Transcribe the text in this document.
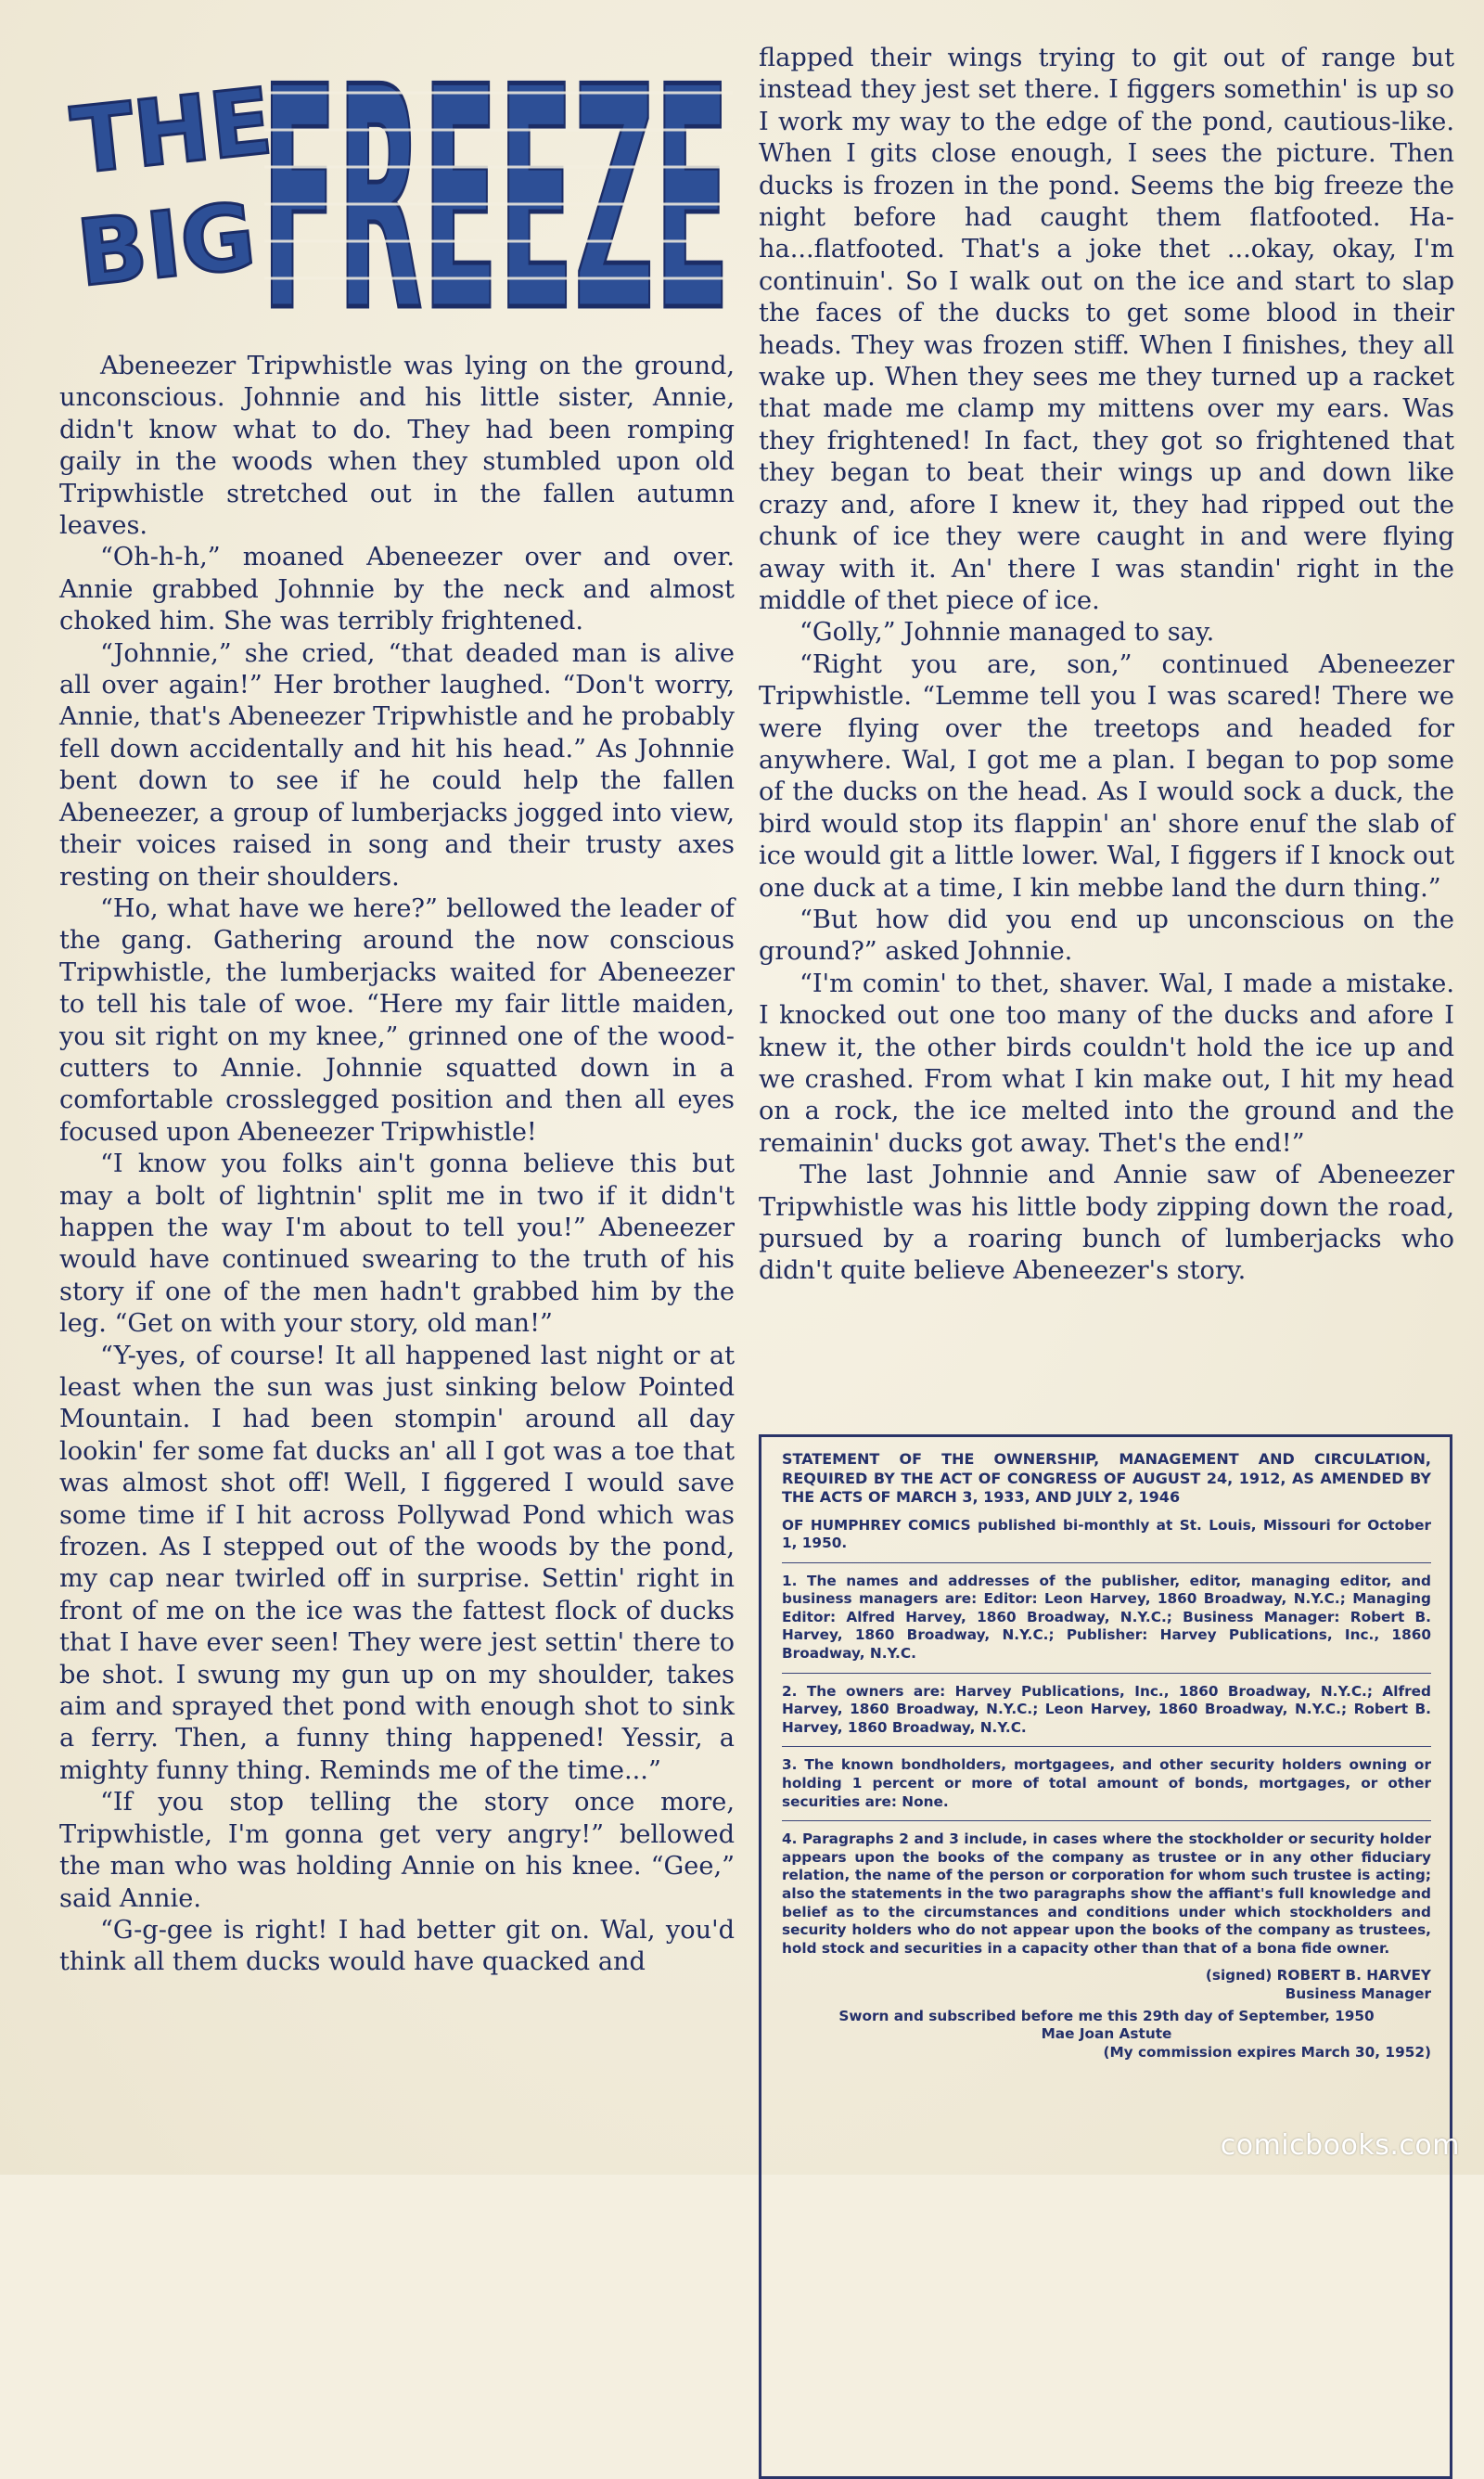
THE
BIG FREEZE

Abeneezer Tripwhistle was lying on the ground, unconscious. Johnnie and his little sister, Annie, didn't know what to do. They had been romping gaily in the woods when they stumbled upon old Tripwhistle stretched out in the fallen autumn leaves.

“Oh-h-h,” moaned Abeneezer over and over. Annie grabbed Johnnie by the neck and almost choked him. She was terribly frightened.

“Johnnie,” she cried, “that deaded man is alive all over again!” Her brother laughed. “Don't worry, Annie, that's Abeneezer Tripwhistle and he probably fell down accidentally and hit his head.” As Johnnie bent down to see if he could help the fallen Abeneezer, a group of lumberjacks jogged into view, their voices raised in song and their trusty axes resting on their shoulders.

“Ho, what have we here?” bellowed the leader of the gang. Gathering around the now conscious Tripwhistle, the lumberjacks waited for Abeneezer to tell his tale of woe. “Here my fair little maiden, you sit right on my knee,” grinned one of the wood-cutters to Annie. Johnnie squatted down in a comfortable crosslegged position and then all eyes focused upon Abeneezer Tripwhistle!

“I know you folks ain't gonna believe this but may a bolt of lightnin' split me in two if it didn't happen the way I'm about to tell you!” Abeneezer would have continued swearing to the truth of his story if one of the men hadn't grabbed him by the leg. “Get on with your story, old man!”

“Y-yes, of course! It all happened last night or at least when the sun was just sinking below Pointed Mountain. I had been stompin' around all day lookin' fer some fat ducks an' all I got was a toe that was almost shot off! Well, I figgered I would save some time if I hit across Pollywad Pond which was frozen. As I stepped out of the woods by the pond, my cap near twirled off in surprise. Settin' right in front of me on the ice was the fattest flock of ducks that I have ever seen! They were jest settin' there to be shot. I swung my gun up on my shoulder, takes aim and sprayed thet pond with enough shot to sink a ferry. Then, a funny thing happened! Yessir, a mighty funny thing. Reminds me of the time...”

“If you stop telling the story once more, Tripwhistle, I'm gonna get very angry!” bellowed the man who was holding Annie on his knee. “Gee,” said Annie.

“G-g-gee is right! I had better git on. Wal, you'd think all them ducks would have quacked and

flapped their wings trying to git out of range but instead they jest set there. I figgers somethin' is up so I work my way to the edge of the pond, cautious-like. When I gits close enough, I sees the picture. Then ducks is frozen in the pond. Seems the big freeze the night before had caught them flatfooted. Ha-ha...flatfooted. That's a joke thet ...okay, okay, I'm continuin'. So I walk out on the ice and start to slap the faces of the ducks to get some blood in their heads. They was frozen stiff. When I finishes, they all wake up. When they sees me they turned up a racket that made me clamp my mittens over my ears. Was they frightened! In fact, they got so frightened that they began to beat their wings up and down like crazy and, afore I knew it, they had ripped out the chunk of ice they were caught in and were flying away with it. An' there I was standin' right in the middle of thet piece of ice.

“Golly,” Johnnie managed to say.

“Right you are, son,” continued Abeneezer Tripwhistle. “Lemme tell you I was scared! There we were flying over the treetops and headed for anywhere. Wal, I got me a plan. I began to pop some of the ducks on the head. As I would sock a duck, the bird would stop its flappin' an' shore enuf the slab of ice would git a little lower. Wal, I figgers if I knock out one duck at a time, I kin mebbe land the durn thing.”

“But how did you end up unconscious on the ground?” asked Johnnie.

“I'm comin' to thet, shaver. Wal, I made a mistake. I knocked out one too many of the ducks and afore I knew it, the other birds couldn't hold the ice up and we crashed. From what I kin make out, I hit my head on a rock, the ice melted into the ground and the remainin' ducks got away. Thet's the end!”

The last Johnnie and Annie saw of Abeneezer Tripwhistle was his little body zipping down the road, pursued by a roaring bunch of lumberjacks who didn't quite believe Abeneezer's story.

STATEMENT OF THE OWNERSHIP, MANAGEMENT AND CIRCULATION, REQUIRED BY THE ACT OF CONGRESS OF AUGUST 24, 1912, AS AMENDED BY THE ACTS OF MARCH 3, 1933, AND JULY 2, 1946

OF HUMPHREY COMICS published bi-monthly at St. Louis, Missouri for October 1, 1950.

1. The names and addresses of the publisher, editor, managing editor, and business managers are: Editor: Leon Harvey, 1860 Broadway, N.Y.C.; Managing Editor: Alfred Harvey, 1860 Broadway, N.Y.C.; Business Manager: Robert B. Harvey, 1860 Broadway, N.Y.C.; Publisher: Harvey Publications, Inc., 1860 Broadway, N.Y.C.

2. The owners are: Harvey Publications, Inc., 1860 Broadway, N.Y.C.; Alfred Harvey, 1860 Broadway, N.Y.C.; Leon Harvey, 1860 Broadway, N.Y.C.; Robert B. Harvey, 1860 Broadway, N.Y.C.

3. The known bondholders, mortgagees, and other security holders owning or holding 1 percent or more of total amount of bonds, mortgages, or other securities are: None.

4. Paragraphs 2 and 3 include, in cases where the stockholder or security holder appears upon the books of the company as trustee or in any other fiduciary relation, the name of the person or corporation for whom such trustee is acting; also the statements in the two paragraphs show the affiant's full knowledge and belief as to the circumstances and conditions under which stockholders and security holders who do not appear upon the books of the company as trustees, hold stock and securities in a capacity other than that of a bona fide owner.

(signed) ROBERT B. HARVEY

Business Manager

Sworn and subscribed before me this 29th day of September, 1950

Mae Joan Astute

(My commission expires March 30, 1952)

comicbooks.com
